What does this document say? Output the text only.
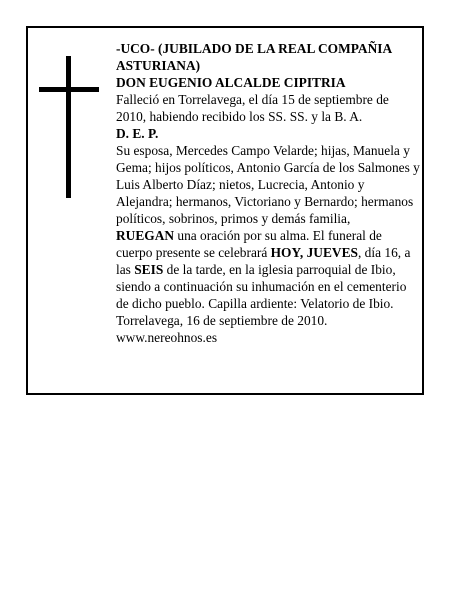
-UCO- (JUBILADO DE LA REAL COMPAÑIA ASTURIANA)

DON EUGENIO ALCALDE CIPITRIA

Falleció en Torrelavega, el día 15 de septiembre de 2010, habiendo recibido los SS. SS. y la B. A.

D. E. P.

Su esposa, Mercedes Campo Velarde; hijas, Manuela y Gema; hijos políticos, Antonio García de los Salmones y Luis Alberto Díaz; nietos, Lucrecia, Antonio y Alejandra; hermanos, Victoriano y Bernardo; hermanos políticos, sobrinos, primos y demás familia,

RUEGAN una oración por su alma. El funeral de cuerpo presente se celebrará HOY, JUEVES, día 16, a las SEIS de la tarde, en la iglesia parroquial de Ibio, siendo a continuación su inhumación en el cementerio de dicho pueblo. Capilla ardiente: Velatorio de Ibio.

Torrelavega, 16 de septiembre de 2010.

www.nereohnos.es
